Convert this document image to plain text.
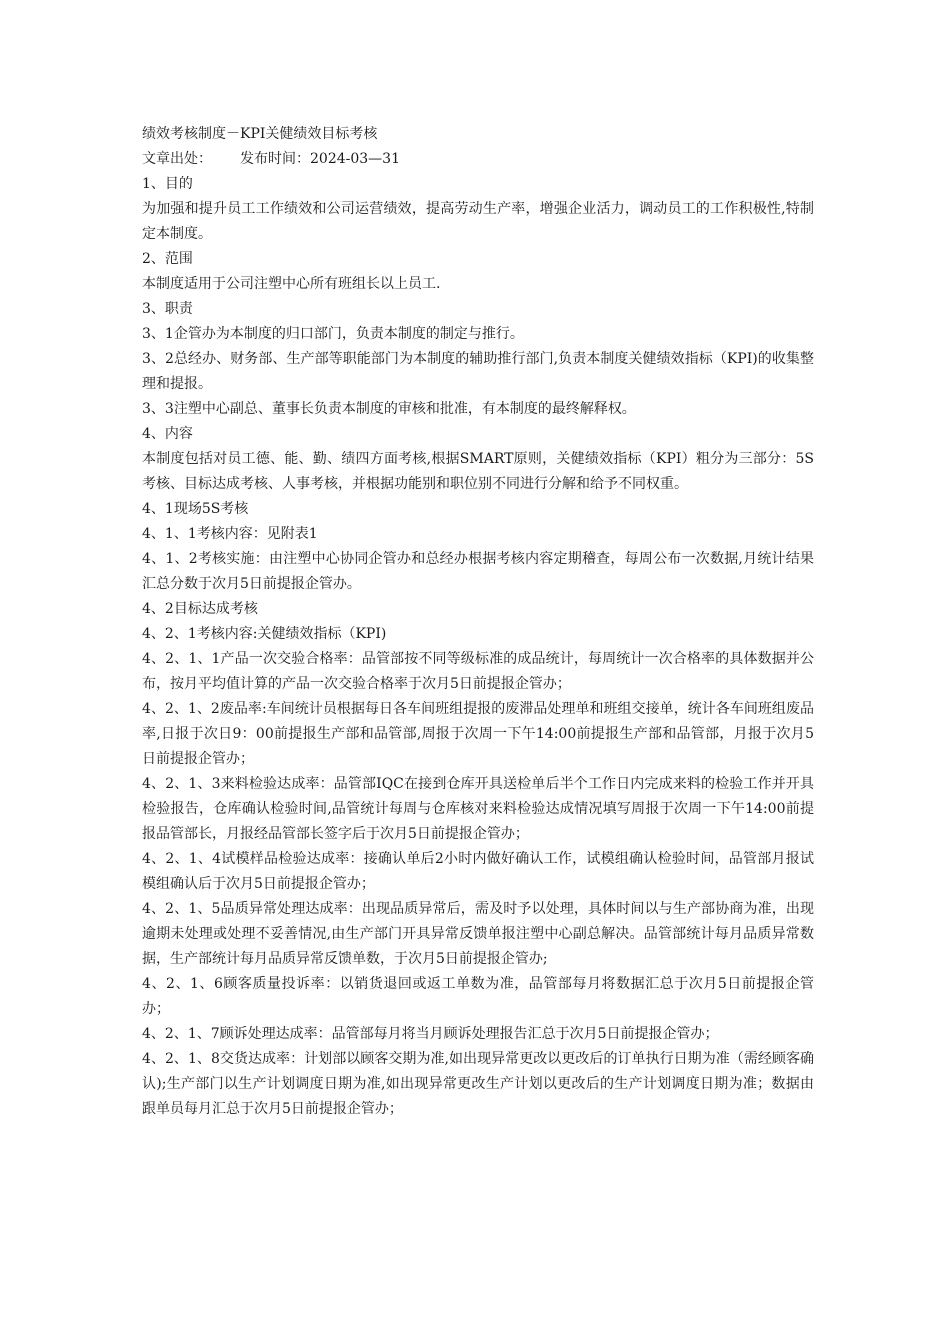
绩效考核制度－KPI关健绩效目标考核

文章出处： 发布时间：2024-03—31

1、目的

为加强和提升员工工作绩效和公司运营绩效，提高劳动生产率，增强企业活力，调动员工的工作积极性,特制定本制度。

2、范围

本制度适用于公司注塑中心所有班组长以上员工.

3、职责

3、1企管办为本制度的归口部门，负责本制度的制定与推行。

3、2总经办、财务部、生产部等职能部门为本制度的辅助推行部门,负责本制度关健绩效指标（KPI)的收集整理和提报。

3、3注塑中心副总、董事长负责本制度的审核和批准，有本制度的最终解释权。

4、内容

本制度包括对员工德、能、勤、绩四方面考核,根据SMART原则，关健绩效指标（KPI）粗分为三部分：5S考核、目标达成考核、人事考核，并根据功能别和职位别不同进行分解和给予不同权重。

4、1现场5S考核

4、1、1考核内容：见附表1

4、1、2考核实施：由注塑中心协同企管办和总经办根据考核内容定期稽查，每周公布一次数据,月统计结果汇总分数于次月5日前提报企管办。

4、2目标达成考核

4、2、1考核内容:关健绩效指标（KPI)

4、2、1、1产品一次交验合格率：品管部按不同等级标准的成品统计，每周统计一次合格率的具体数据并公布，按月平均值计算的产品一次交验合格率于次月5日前提报企管办；

4、2、1、2废品率:车间统计员根据每日各车间班组提报的废滞品处理单和班组交接单，统计各车间班组废品率,日报于次日9：00前提报生产部和品管部,周报于次周一下午14:00前提报生产部和品管部，月报于次月5日前提报企管办；

4、2、1、3来料检验达成率：品管部IQC在接到仓库开具送检单后半个工作日内完成来料的检验工作并开具检验报告，仓库确认检验时间,品管统计每周与仓库核对来料检验达成情况填写周报于次周一下午14:00前提报品管部长，月报经品管部长签字后于次月5日前提报企管办；

4、2、1、4试模样品检验达成率：接确认单后2小时内做好确认工作，试模组确认检验时间，品管部月报试模组确认后于次月5日前提报企管办；

4、2、1、5品质异常处理达成率：出现品质异常后，需及时予以处理，具体时间以与生产部协商为准，出现逾期未处理或处理不妥善情况,由生产部门开具异常反馈单报注塑中心副总解决。品管部统计每月品质异常数据，生产部统计每月品质异常反馈单数，于次月5日前提报企管办;

4、2、1、6顾客质量投诉率：以销货退回或返工单数为准，品管部每月将数据汇总于次月5日前提报企管办；

4、2、1、7顾诉处理达成率：品管部每月将当月顾诉处理报告汇总于次月5日前提报企管办；

4、2、1、8交货达成率：计划部以顾客交期为准,如出现异常更改以更改后的订单执行日期为准（需经顾客确认);生产部门以生产计划调度日期为准,如出现异常更改生产计划以更改后的生产计划调度日期为准；数据由跟单员每月汇总于次月5日前提报企管办；
